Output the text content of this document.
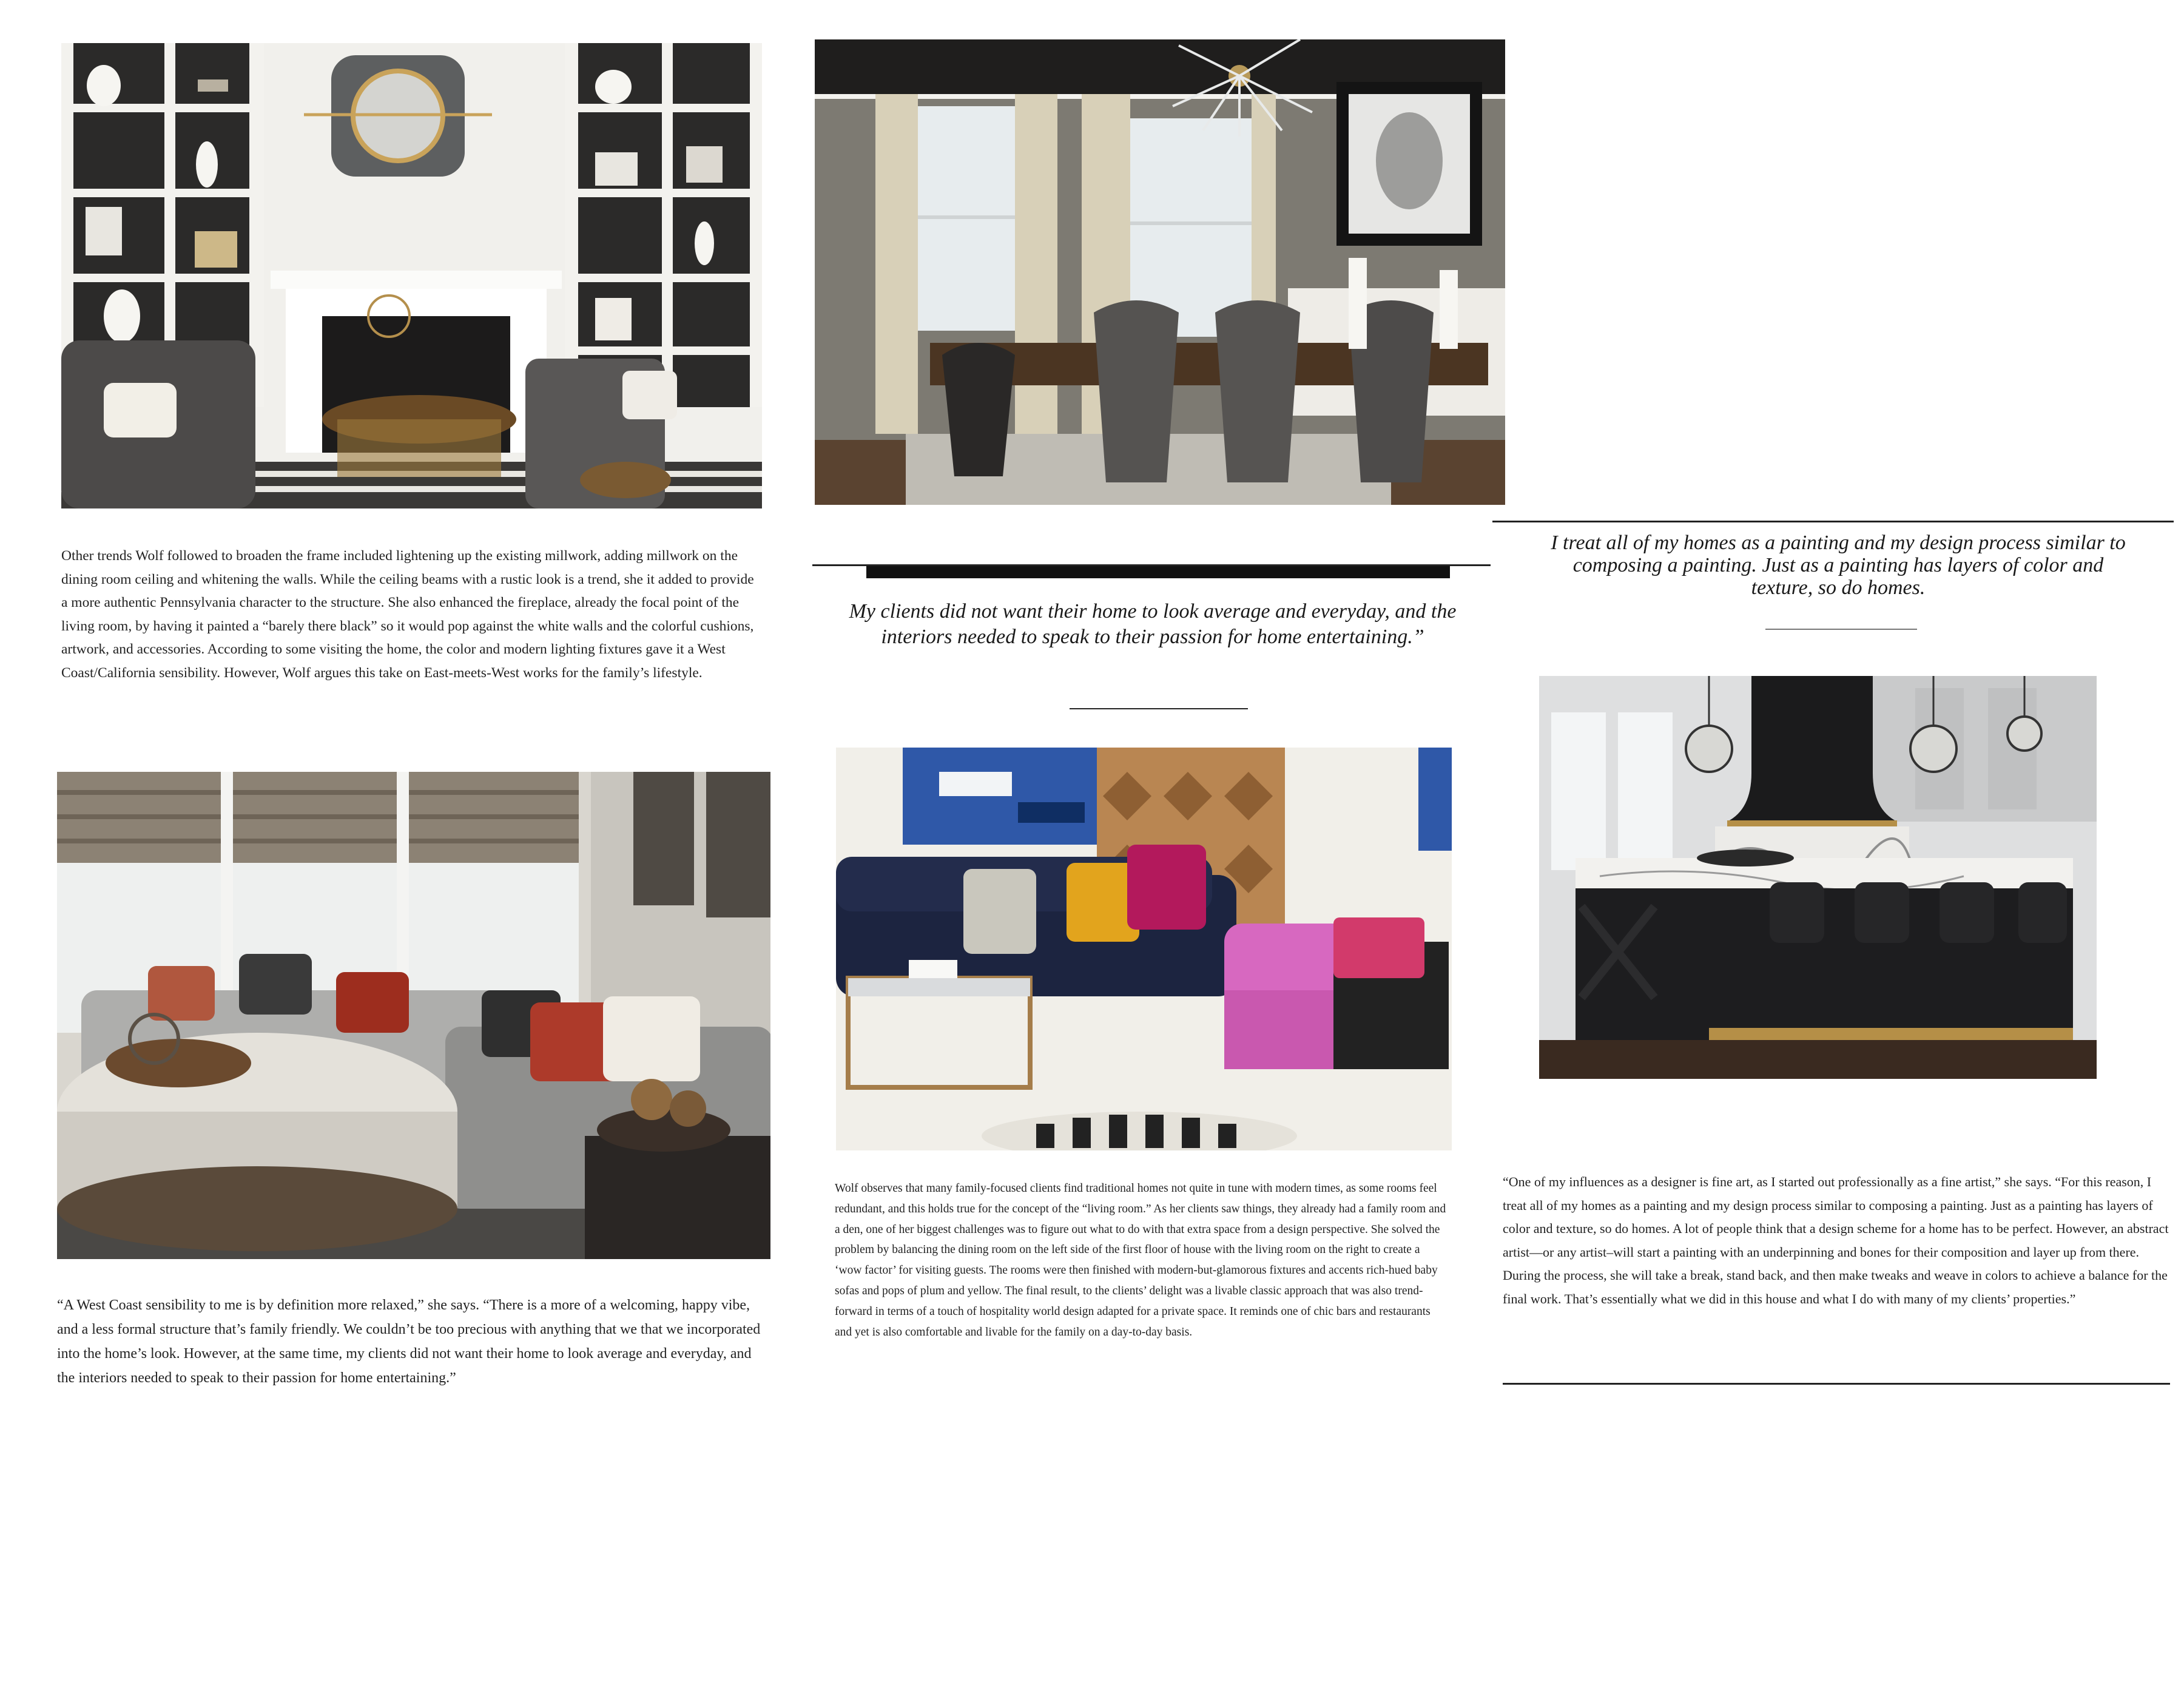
Other trends Wolf followed to broaden the frame included lightening up the existing millwork, adding millwork on the dining room ceiling and whitening the walls. While the ceiling beams with a rustic look is a trend, she it added to provide a more authentic Pennsylvania character to the structure. She also enhanced the fireplace, already the focal point of the living room, by having it painted a “barely there black” so it would pop against the white walls and the colorful cushions, artwork, and accessories. According to some visiting the home, the color and modern lighting fixtures gave it a West Coast/California sensibility. However, Wolf argues this take on East-meets-West works for the family’s lifestyle.

“A West Coast sensibility to me is by definition more relaxed,” she says. “There is a more of a welcoming, happy vibe, and a less formal structure that’s family friendly. We couldn’t be too precious with anything that we that we incorporated into the home’s look. However, at the same time, my clients did not want their home to look average and everyday, and the interiors needed to speak to their passion for home entertaining.”

My clients did not want their home to look average and everyday, and the interiors needed to speak to their passion for home entertaining.”

Wolf observes that many family-focused clients find traditional homes not quite in tune with modern times, as some rooms feel redundant, and this holds true for the concept of the “living room.” As her clients saw things, they already had a family room and a den, one of her biggest challenges was to figure out what to do with that extra space from a design perspective. She solved the problem by balancing the dining room on the left side of the first floor of house with the living room on the right to create a ‘wow factor’ for visiting guests. The rooms were then finished with modern-but-glamorous fixtures and accents rich-hued baby sofas and pops of plum and yellow. The final result, to the clients’ delight was a livable classic approach that was also trend-forward in terms of a touch of hospitality world design adapted for a private space. It reminds one of chic bars and restaurants and yet is also comfortable and livable for the family on a day-to-day basis.

I treat all of my homes as a painting and my design process similar to composing a painting. Just as a painting has layers of color and texture, so do homes.

“One of my influences as a designer is fine art, as I started out professionally as a fine artist,” she says. “For this reason, I treat all of my homes as a painting and my design process similar to composing a painting. Just as a painting has layers of color and texture, so do homes. A lot of people think that a design scheme for a home has to be perfect. However, an abstract artist—or any artist–will start a painting with an underpinning and bones for their composition and layer up from there. During the process, she will take a break, stand back, and then make tweaks and weave in colors to achieve a balance for the final work. That’s essentially what we did in this house and what I do with many of my clients’ properties.”
